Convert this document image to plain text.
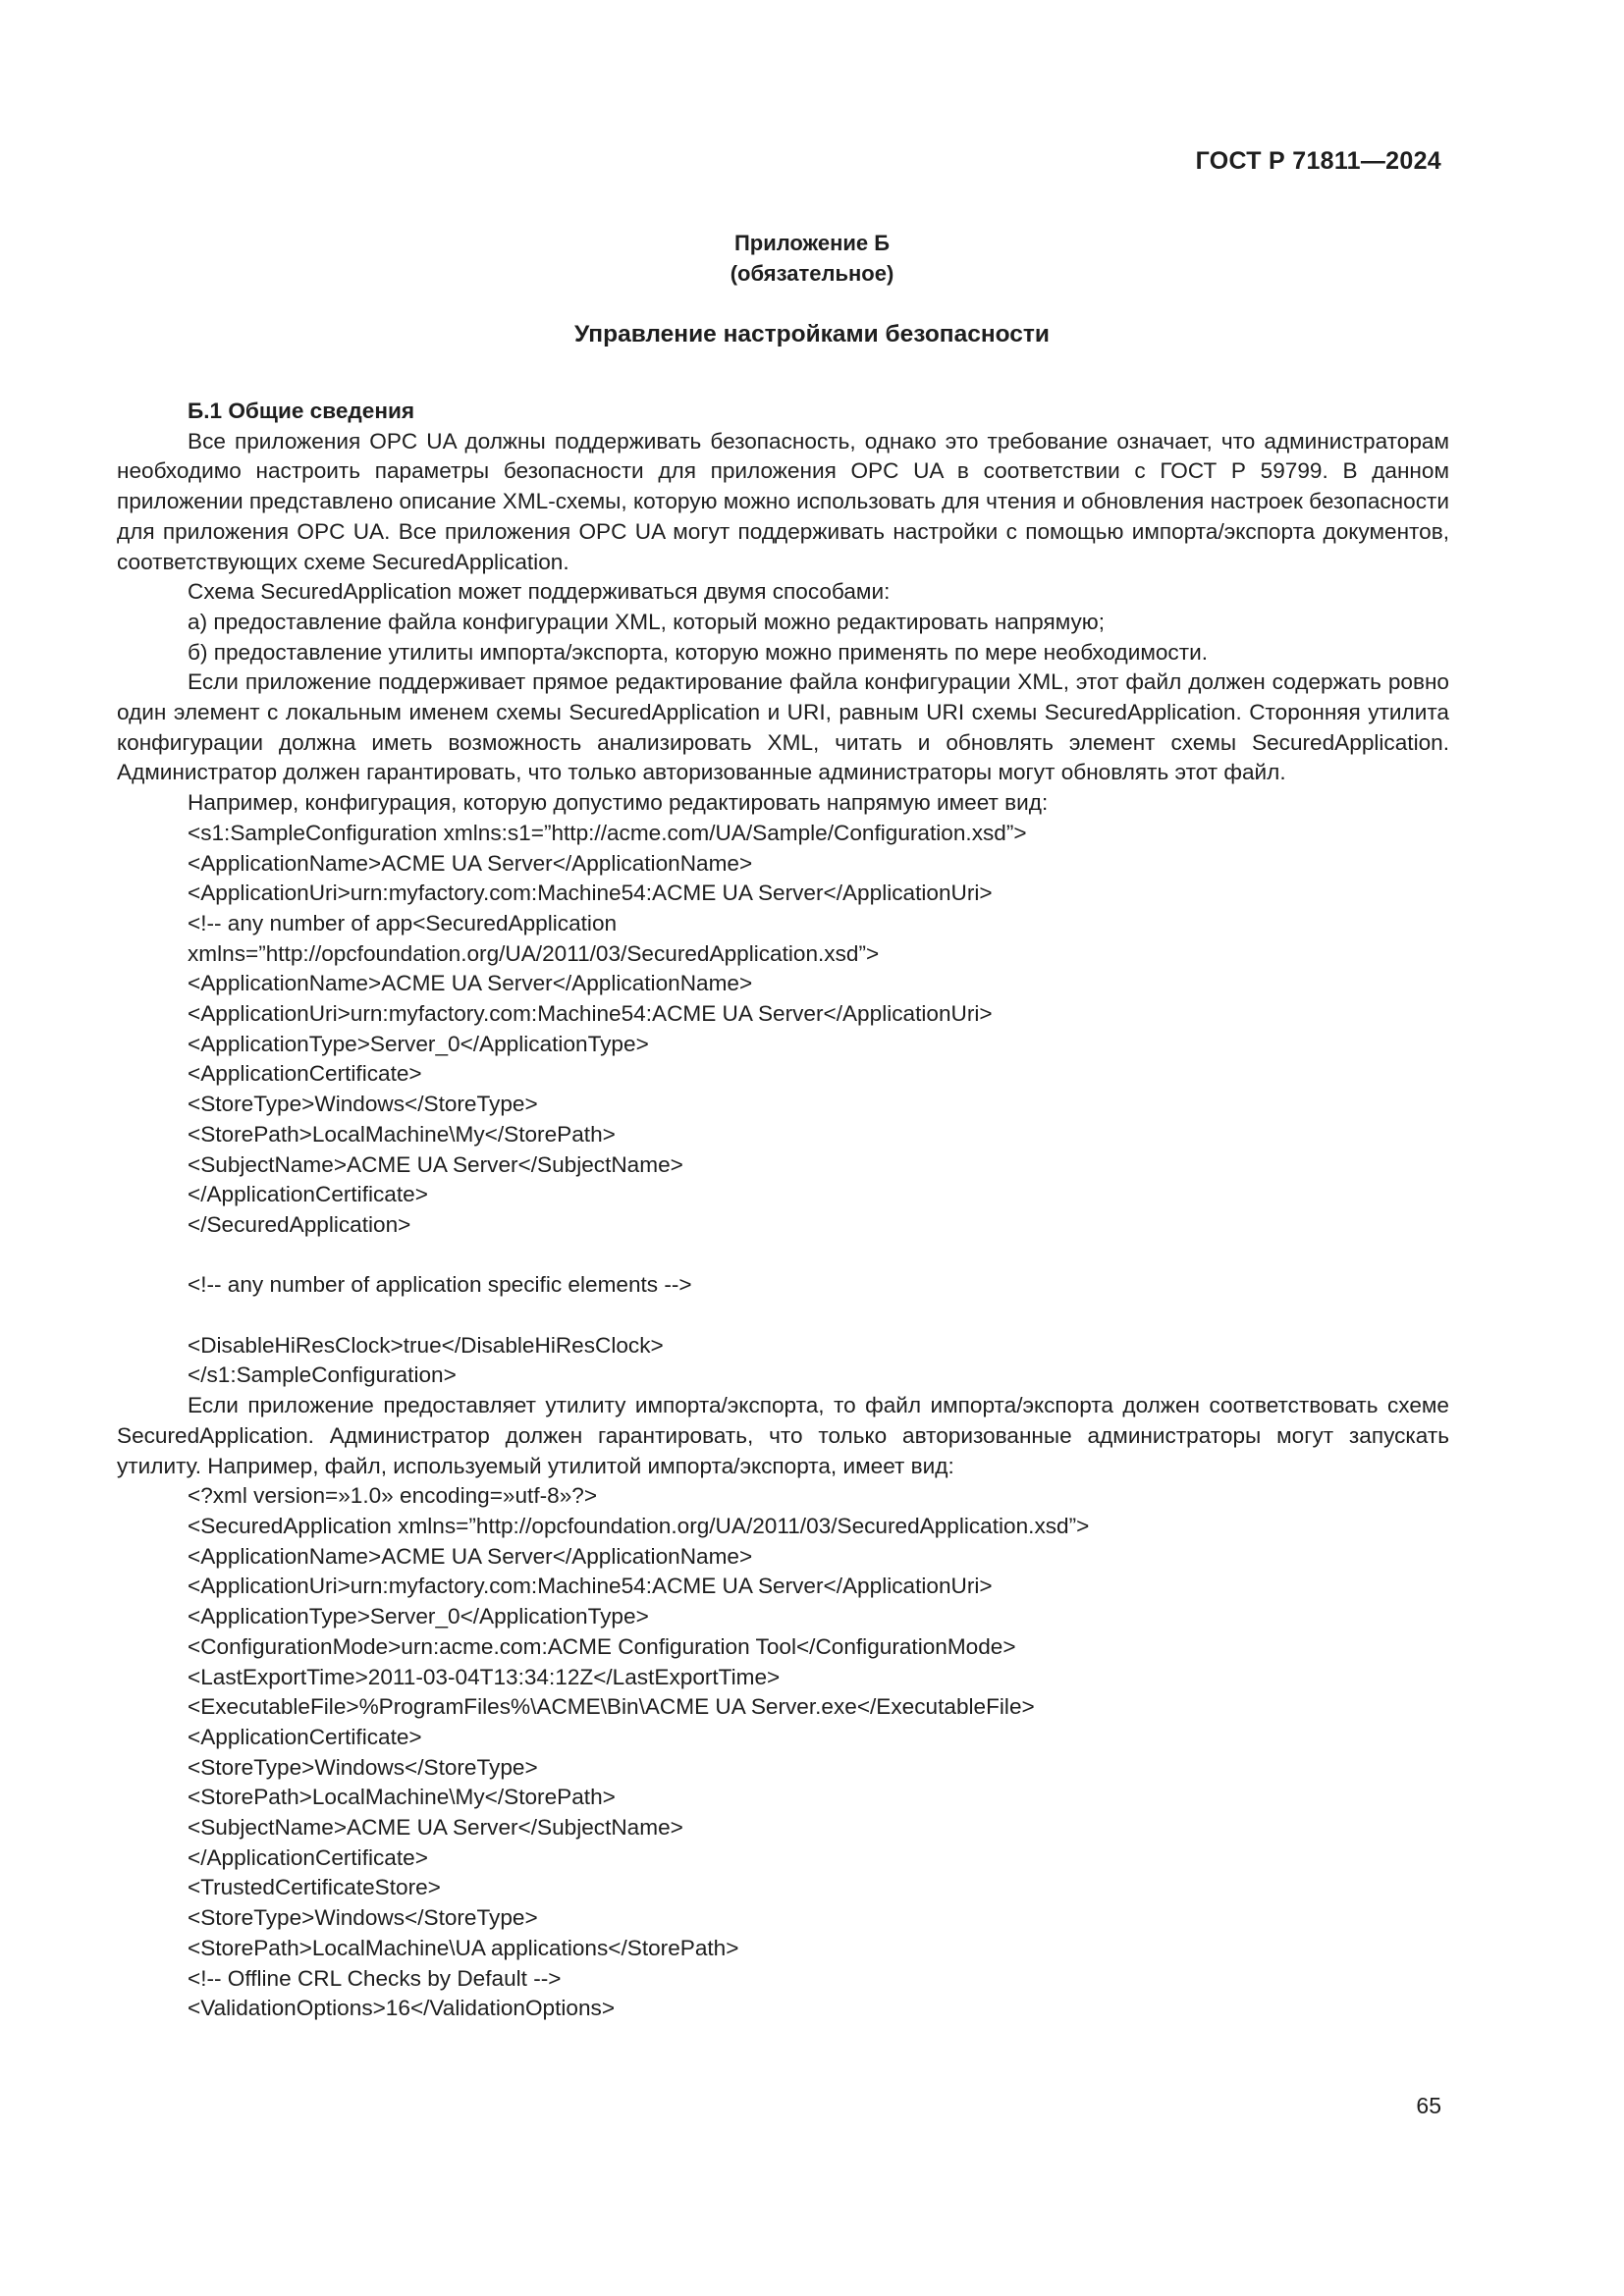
ГОСТ Р 71811—2024

Приложение Б
(обязательное)

Управление настройками безопасности

Б.1 Общие сведения

Все приложения OPC UA должны поддерживать безопасность, однако это требование означает, что администраторам необходимо настроить параметры безопасности для приложения OPC UA в соответствии с ГОСТ Р 59799. В данном приложении представлено описание XML-схемы, которую можно использовать для чтения и обновления настроек безопасности для приложения OPC UA. Все приложения OPC UA могут поддерживать настройки с помощью импорта/экспорта документов, соответствующих схеме SecuredApplication.

Схема SecuredApplication может поддерживаться двумя способами:

а) предоставление файла конфигурации XML, который можно редактировать напрямую;

б) предоставление утилиты импорта/экспорта, которую можно применять по мере необходимости.

Если приложение поддерживает прямое редактирование файла конфигурации XML, этот файл должен содержать ровно один элемент с локальным именем схемы SecuredApplication и URI, равным URI схемы SecuredApplication. Сторонняя утилита конфигурации должна иметь возможность анализировать XML, читать и обновлять элемент схемы SecuredApplication. Администратор должен гарантировать, что только авторизованные администраторы могут обновлять этот файл.

Например, конфигурация, которую допустимо редактировать напрямую имеет вид:

<s1:SampleConfiguration xmlns:s1=”http://acme.com/UA/Sample/Configuration.xsd”>

<ApplicationName>ACME UA Server</ApplicationName>

<ApplicationUri>urn:myfactory.com:Machine54:ACME UA Server</ApplicationUri>

<!-- any number of app<SecuredApplication

xmlns=”http://opcfoundation.org/UA/2011/03/SecuredApplication.xsd”>

<ApplicationName>ACME UA Server</ApplicationName>

<ApplicationUri>urn:myfactory.com:Machine54:ACME UA Server</ApplicationUri>

<ApplicationType>Server_0</ApplicationType>

<ApplicationCertificate>

<StoreType>Windows</StoreType>

<StorePath>LocalMachine\My</StorePath>

<SubjectName>ACME UA Server</SubjectName>

</ApplicationCertificate>

</SecuredApplication>

<!-- any number of application specific elements -->

<DisableHiResClock>true</DisableHiResClock>

</s1:SampleConfiguration>

Если приложение предоставляет утилиту импорта/экспорта, то файл импорта/экспорта должен соответствовать схеме SecuredApplication. Администратор должен гарантировать, что только авторизованные администраторы могут запускать утилиту. Например, файл, используемый утилитой импорта/экспорта, имеет вид:

<?xml version=»1.0» encoding=»utf-8»?>

<SecuredApplication xmlns=”http://opcfoundation.org/UA/2011/03/SecuredApplication.xsd”>

<ApplicationName>ACME UA Server</ApplicationName>

<ApplicationUri>urn:myfactory.com:Machine54:ACME UA Server</ApplicationUri>

<ApplicationType>Server_0</ApplicationType>

<ConfigurationMode>urn:acme.com:ACME Configuration Tool</ConfigurationMode>

<LastExportTime>2011-03-04T13:34:12Z</LastExportTime>

<ExecutableFile>%ProgramFiles%\ACME\Bin\ACME UA Server.exe</ExecutableFile>

<ApplicationCertificate>

<StoreType>Windows</StoreType>

<StorePath>LocalMachine\My</StorePath>

<SubjectName>ACME UA Server</SubjectName>

</ApplicationCertificate>

<TrustedCertificateStore>

<StoreType>Windows</StoreType>

<StorePath>LocalMachine\UA applications</StorePath>

<!-- Offline CRL Checks by Default -->

<ValidationOptions>16</ValidationOptions>

65
